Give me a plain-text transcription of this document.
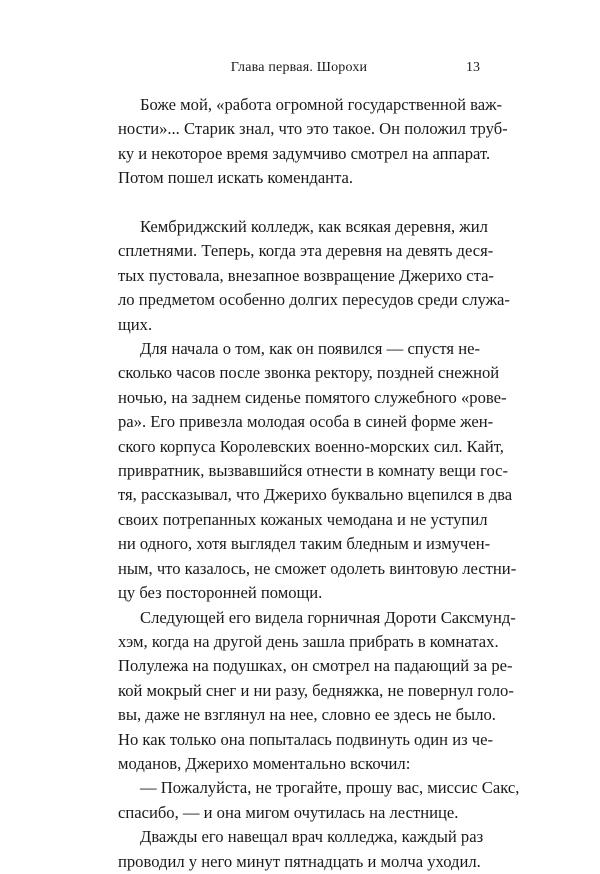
Глава первая. Шорохи	13

Боже мой, «работа огромной государственной важ-
ности»... Старик знал, что это такое. Он положил труб-
ку и некоторое время задумчиво смотрел на аппарат.
Потом пошел искать коменданта.

Кембриджский колледж, как всякая деревня, жил
сплетнями. Теперь, когда эта деревня на девять деся-
тых пустовала, внезапное возвращение Джерихо ста-
ло предметом особенно долгих пересудов среди служа-
щих.

Для начала о том, как он появился — спустя не-
сколько часов после звонка ректору, поздней снежной
ночью, на заднем сиденье помятого служебного «рове-
ра». Его привезла молодая особа в синей форме жен-
ского корпуса Королевских военно-морских сил. Кайт,
привратник, вызвавшийся отнести в комнату вещи гос-
тя, рассказывал, что Джерихо буквально вцепился в два
своих потрепанных кожаных чемодана и не уступил
ни одного, хотя выглядел таким бледным и измучен-
ным, что казалось, не сможет одолеть винтовую лестни-
цу без посторонней помощи.

Следующей его видела горничная Дороти Саксмунд-
хэм, когда на другой день зашла прибрать в комнатах.
Полулежа на подушках, он смотрел на падающий за ре-
кой мокрый снег и ни разу, бедняжка, не повернул голо-
вы, даже не взглянул на нее, словно ее здесь не было.
Но как только она попыталась подвинуть один из че-
моданов, Джерихо моментально вскочил:

— Пожалуйста, не трогайте, прошу вас, миссис Сакс,
спасибо, — и она мигом очутилась на лестнице.

Дважды его навещал врач колледжа, каждый раз
проводил у него минут пятнадцать и молча уходил.
